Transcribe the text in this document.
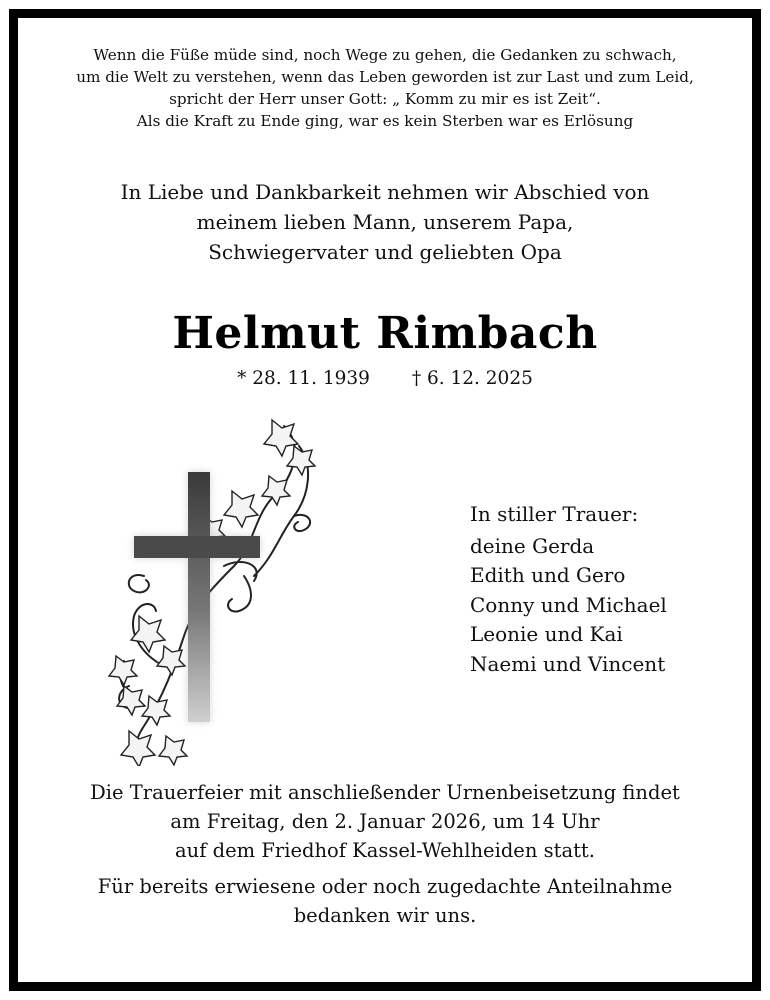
Wenn die Füße müde sind, noch Wege zu gehen, die Gedanken zu schwach,
um die Welt zu verstehen, wenn das Leben geworden ist zur Last und zum Leid,
spricht der Herr unser Gott: „ Komm zu mir es ist Zeit“.
Als die Kraft zu Ende ging, war es kein Sterben war es Erlösung
In Liebe und Dankbarkeit nehmen wir Abschied von
meinem lieben Mann, unserem Papa,
Schwiegervater und geliebten Opa
Helmut Rimbach
* 28. 11. 1939 † 6. 12. 2025
In stiller Trauer:
deine Gerda
Edith und Gero
Conny und Michael
Leonie und Kai
Naemi und Vincent
Die Trauerfeier mit anschließender Urnenbeisetzung findet
am Freitag, den 2. Januar 2026, um 14 Uhr
auf dem Friedhof Kassel-Wehlheiden statt.
Für bereits erwiesene oder noch zugedachte Anteilnahme
bedanken wir uns.
